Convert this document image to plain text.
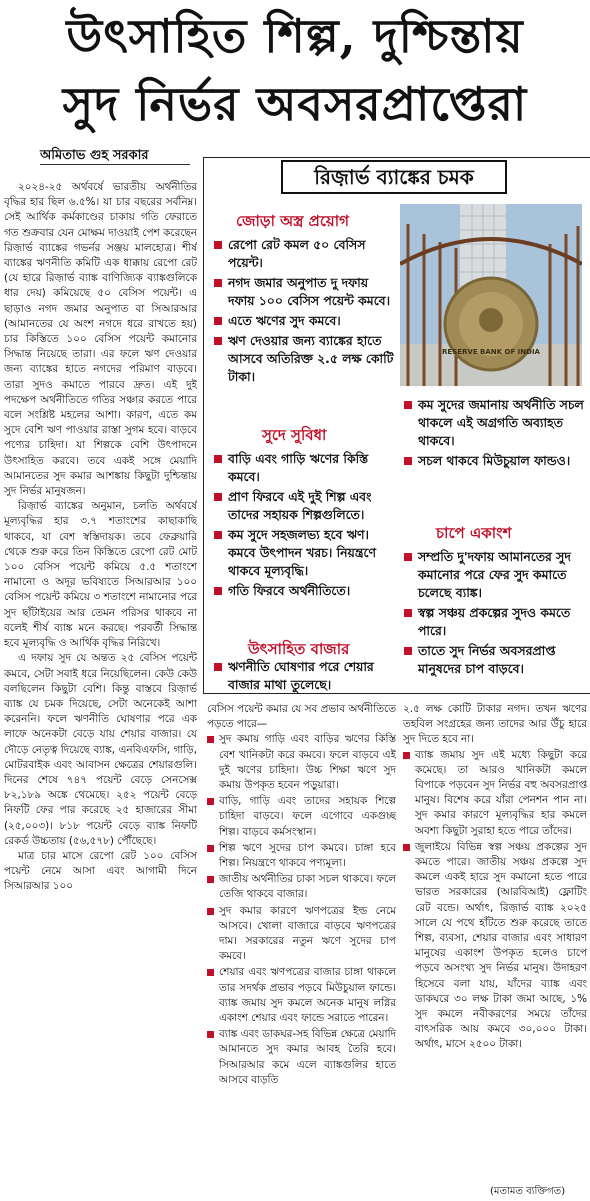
উৎসাহিত শিল্প, দুশ্চিন্তায়
সুদ নির্ভর অবসরপ্রাপ্তেরা
অমিতাভ গুহ সরকার

২০২৪-২৫ অর্থবর্ষে ভারতীয় অর্থনীতির বৃদ্ধির হার ছিল ৬.৫%। যা চার বছরের সর্বনিম্ন। সেই আর্থিক কর্মকাণ্ডের চাকায় গতি ফেরাতে গত শুক্রবার যেন মোক্ষম দাওয়াই পেশ করেছেন রিজ়ার্ভ ব্যাঙ্কের গভর্নর সঞ্জয় মালহোত্র। শীর্ষ ব্যাঙ্কের ঋণনীতি কমিটি এক ধাক্কায় রেপো রেট (যে হারে রিজ়ার্ভ ব্যাঙ্ক বাণিজ্যিক ব্যাঙ্কগুলিকে ধার দেয়) কমিয়েছে ৫০ বেসিস পয়েন্ট। এ ছাড়াও নগদ জমার অনুপাত বা সিআরআর (আমানতের যে অংশ নগদে ধরে রাখতে হয়) চার কিস্তিতে ১০০ বেসিস পয়েন্ট কমানোর সিদ্ধান্ত নিয়েছে তারা। এর ফলে ঋণ দেওয়ার জন্য ব্যাঙ্কের হাতে নগদের পরিমাণ বাড়বে। তারা সুদও কমাতে পারবে দ্রুত। এই দুই পদক্ষেপ অর্থনীতিতে গতির সঞ্চার করতে পারে বলে সংশ্লিষ্ট মহলের আশা। কারণ, এতে কম সুদে বেশি ঋণ পাওয়ার রাস্তা সুগম হবে। বাড়বে পণ্যের চাহিদা। যা শিল্পকে বেশি উৎপাদনে উৎসাহিত করবে। তবে একই সঙ্গে মেয়াদি আমানতের সুদ কমার আশঙ্কায় কিছুটা দুশ্চিন্তায় সুদ নির্ভর মানুষজন।

রিজ়ার্ভ ব্যাঙ্কের অনুমান, চলতি অর্থবর্ষে মূল্যবৃদ্ধির হার ৩.৭ শতাংশের কাছাকাছি থাকবে, যা বেশ স্বস্তিদায়ক। তবে ফেব্রুয়ারি থেকে শুরু করে তিন কিস্তিতে রেপো রেট মোট ১০০ বেসিস পয়েন্ট কমিয়ে ৫.৫ শতাংশে নামানো ও অদূর ভবিষ্যতে সিআরআর ১০০ বেসিস পয়েন্ট কমিয়ে ৩ শতাংশে নামানোর পরে সুদ ছাঁটাইয়ের আর তেমন পরিসর থাকবে না বলেই শীর্ষ ব্যাঙ্ক মনে করছে। পরবর্তী সিদ্ধান্ত হবে মূল্যবৃদ্ধি ও আর্থিক বৃদ্ধির নিরিখে।

এ দফায় সুদ যে অন্তত ২৫ বেসিস পয়েন্ট কমবে, সেটা সবাই ধরে নিয়েছিলেন। কেউ কেউ বলছিলেন কিছুটা বেশি। কিন্তু বাস্তবে রিজ়ার্ভ ব্যাঙ্ক যে চমক দিয়েছে, সেটা অনেকেই আশা করেননি। ফলে ঋণনীতি ঘোষণার পরে এক লাফে অনেকটা বেড়ে যায় শেয়ার বাজার। যে দৌড়ে নেতৃত্ব দিয়েছে ব্যাঙ্ক, এনবিএফসি, গাড়ি, মোটরবাইক এবং আবাসন ক্ষেত্রের শেয়ারগুলি। দিনের শেষে ৭৪৭ পয়েন্ট বেড়ে সেনসেক্স ৮২,১৮৯ অঙ্কে থেমেছে। ২৫২ পয়েন্ট বেড়ে নিফটি ফের পার করেছে ২৫ হাজারের সীমা (২৫,০০৩)। ৮১৮ পয়েন্ট বেড়ে ব্যাঙ্ক নিফটি রেকর্ড উচ্চতায় (৫৬,৫৭৮) পৌঁছেছে।

মাত্র চার মাসে রেপো রেট ১০০ বেসিস পয়েন্ট নেমে আসা এবং আগামী দিনে সিআরআর ১০০

রিজ়ার্ভ ব্যাঙ্কের চমক
RESERVE BANK OF INDIA
জোড়া অস্ত্র প্রয়োগ
রেপো রেট কমল ৫০ বেসিস পয়েন্ট।
নগদ জমার অনুপাত দু দফায় দফায় ১০০ বেসিস পয়েন্ট কমবে।
এতে ঋণের সুদ কমবে।
ঋণ দেওয়ার জন্য ব্যাঙ্কের হাতে আসবে অতিরিক্ত ২.৫ লক্ষ কোটি টাকা।
সুদে সুবিধা
বাড়ি এবং গাড়ি ঋণের কিস্তি কমবে।
প্রাণ ফিরবে এই দুই শিল্প এবং তাদের সহায়ক শিল্পগুলিতে।
কম সুদে সহজলভ্য হবে ঋণ। কমবে উৎপাদন খরচ। নিয়ন্ত্রণে থাকবে মূল্যবৃদ্ধি।
গতি ফিরবে অর্থনীতিতে।
উৎসাহিত বাজার
ঋণনীতি ঘোষণার পরে শেয়ার বাজার মাথা তুলেছে।
কম সুদের জমানায় অর্থনীতি সচল থাকলে এই অগ্রগতি অব্যাহত থাকবে।
সচল থাকবে মিউচুয়াল ফান্ডও।
চাপে একাংশ
সম্প্রতি দু'দফায় আমানতের সুদ কমানোর পরে ফের সুদ কমাতে চলেছে ব্যাঙ্ক।
স্বল্প সঞ্চয় প্রকল্পের সুদও কমতে পারে।
তাতে সুদ নির্ভর অবসরপ্রাপ্ত মানুষদের চাপ বাড়বে।

বেসিস পয়েন্ট কমার যে সব প্রভাব অর্থনীতিতে পড়তে পারে—

সুদ কমায় গাড়ি এবং বাড়ির ঋণের কিস্তি বেশ খানিকটা করে কমবে। ফলে বাড়বে এই দুই ঋণের চাহিদা। উচ্চ শিক্ষা ঋণে সুদ কমায় উপকৃত হবেন পড়ুয়ারা।
বাড়ি, গাড়ি এবং তাদের সহায়ক শিল্পে চাহিদা বাড়বে। ফলে এগোবে একগুচ্ছ শিল্প। বাড়বে কর্মসংস্থান।
শিল্প ঋণে সুদের চাপ কমবে। চাঙ্গা হবে শিল্প। নিয়ন্ত্রণে থাকবে পণ্যমূল্য।
জাতীয় অর্থনীতির চাকা সচল থাকবে। ফলে তেজি থাকবে বাজার।
সুদ কমার কারণে ঋণপত্রের ইল্ড নেমে আসবে। খোলা বাজারে বাড়বে ঋণপত্রের দাম। সরকারের নতুন ঋণে সুদের চাপ কমবে।
শেয়ার এবং ঋণপত্রের বাজার চাঙ্গা থাকলে তার সদর্থক প্রভাব পড়বে মিউচুয়াল ফান্ডে। ব্যাঙ্ক জমায় সুদ কমলে অনেক মানুষ লগ্নির একাংশ শেয়ার এবং ফান্ডে সরাতে পারেন।
ব্যাঙ্ক এবং ডাকঘর-সহ বিভিন্ন ক্ষেত্রে মেয়াদি আমানতে সুদ কমার আবহ তৈরি হবে। সিআরআর কমে এলে ব্যাঙ্কগুলির হাতে আসবে বাড়তি

২.৫ লক্ষ কোটি টাকার নগদ। তখন ঋণের তহবিল সংগ্রহের জন্য তাদের আর উঁচু হারে সুদ দিতে হবে না।

ব্যাঙ্ক জমায় সুদ এই মধ্যে কিছুটা করে কমেছে। তা আরও খানিকটা কমলে বিপাকে পড়বেন সুদ নির্ভর বহু অবসরপ্রাপ্ত মানুষ। বিশেষ করে যাঁরা পেনশন পান না। সুদ কমার কারণে মূল্যবৃদ্ধির হার কমলে অবশ্য কিছুটা সুরাহা হতে পারে তাঁদের।
জুলাইয়ে বিভিন্ন স্বল্প সঞ্চয় প্রকল্পের সুদ কমতে পারে। জাতীয় সঞ্চয় প্রকল্পে সুদ কমলে একই হারে সুদ কমানো হতে পারে ভারত সরকারের (আরবিআই) ফ্লোটিং রেট বন্ডে। অর্থাৎ, রিজ়ার্ভ ব্যাঙ্ক ২০২৫ সালে যে পথে হাঁটতে শুরু করেছে তাতে শিল্প, ব্যবসা, শেয়ার বাজার এবং সাধারণ মানুষের একাংশ উপকৃত হলেও চাপে পড়বে অসংখ্য সুদ নির্ভর মানুষ। উদাহরণ হিসেবে বলা যায়, যাঁদের ব্যাঙ্ক এবং ডাকঘরে ৩০ লক্ষ টাকা জমা আছে, ১% সুদ কমলে নবীকরণের সময়ে তাঁদের বাৎসরিক আয় কমবে ৩০,০০০ টাকা। অর্থাৎ, মাসে ২৫০০ টাকা।
(মতামত ব্যক্তিগত)
